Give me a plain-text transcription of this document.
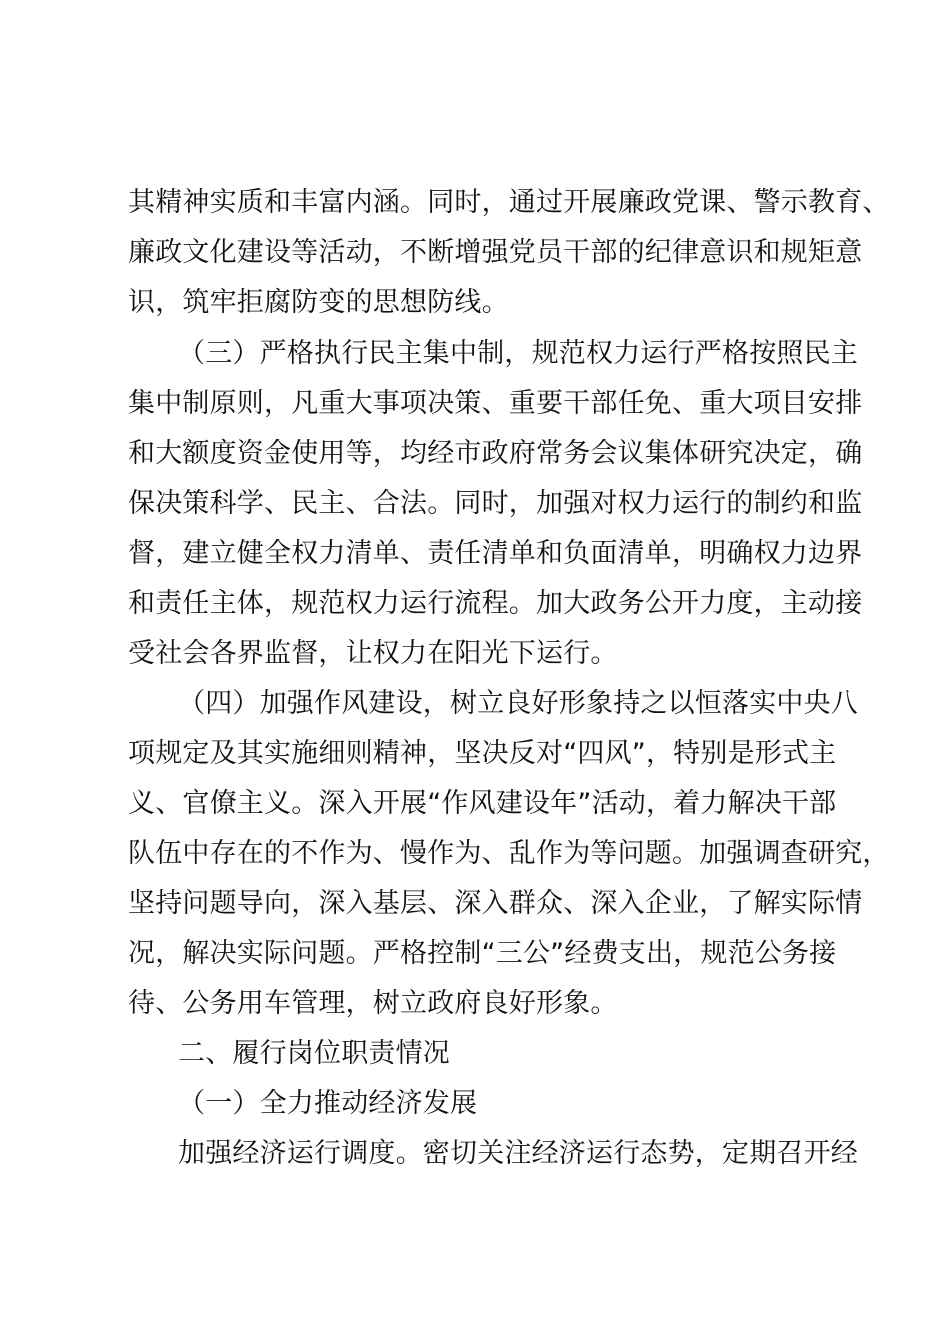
其精神实质和丰富内涵。同时，通过开展廉政党课、警示教育、
廉政文化建设等活动，不断增强党员干部的纪律意识和规矩意
识，筑牢拒腐防变的思想防线。
（三）严格执行民主集中制，规范权力运行严格按照民主
集中制原则，凡重大事项决策、重要干部任免、重大项目安排
和大额度资金使用等，均经市政府常务会议集体研究决定，确
保决策科学、民主、合法。同时，加强对权力运行的制约和监
督，建立健全权力清单、责任清单和负面清单，明确权力边界
和责任主体，规范权力运行流程。加大政务公开力度，主动接
受社会各界监督，让权力在阳光下运行。
（四）加强作风建设，树立良好形象持之以恒落实中央八
项规定及其实施细则精神，坚决反对“四风”，特别是形式主
义、官僚主义。深入开展“作风建设年”活动，着力解决干部
队伍中存在的不作为、慢作为、乱作为等问题。加强调查研究，
坚持问题导向，深入基层、深入群众、深入企业，了解实际情
况，解决实际问题。严格控制“三公”经费支出，规范公务接
待、公务用车管理，树立政府良好形象。
二、履行岗位职责情况
（一）全力推动经济发展
加强经济运行调度。密切关注经济运行态势，定期召开经
